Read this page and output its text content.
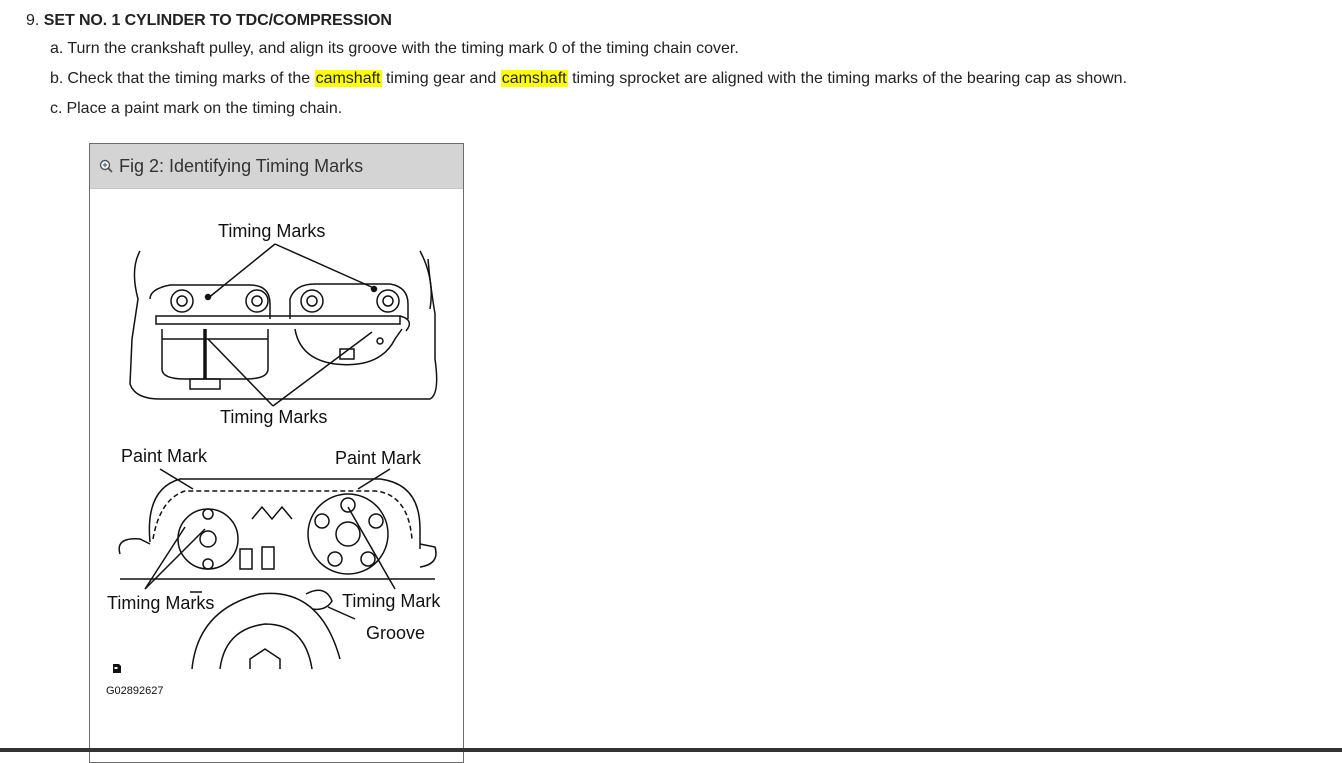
9. SET NO. 1 CYLINDER TO TDC/COMPRESSION
a. Turn the crankshaft pulley, and align its groove with the timing mark 0 of the timing chain cover.
b. Check that the timing marks of the camshaft timing gear and camshaft timing sprocket are aligned with the timing marks of the bearing cap as shown.
c. Place a paint mark on the timing chain.
Fig 2: Identifying Timing Marks
Timing Marks
Timing Marks
Paint Mark	Paint Mark
Timing Marks	Timing Mark
Groove
G02892627
